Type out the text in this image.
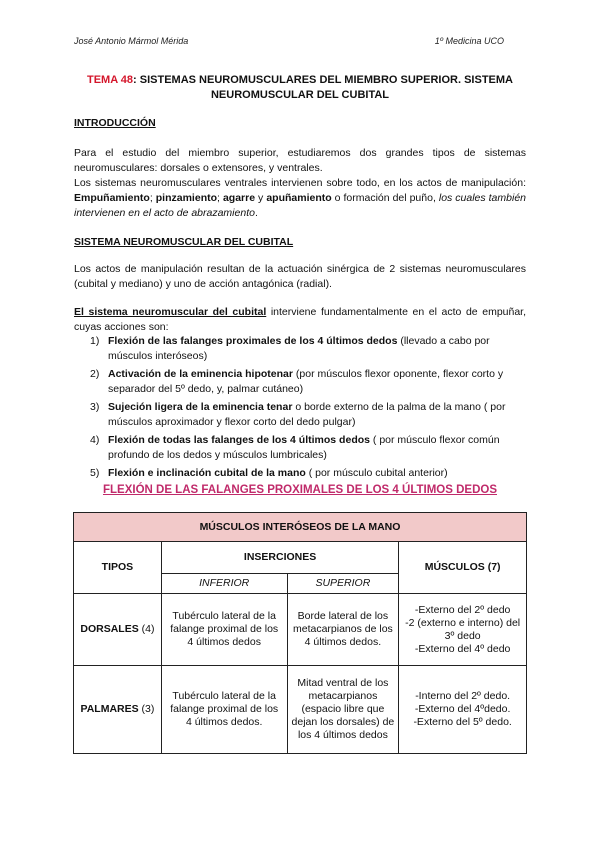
José Antonio Mármol Mérida	1º Medicina UCO
TEMA 48: SISTEMAS NEUROMUSCULARES DEL MIEMBRO SUPERIOR. SISTEMA
NEUROMUSCULAR DEL CUBITAL
INTRODUCCIÓN
Para el estudio del miembro superior, estudiaremos dos grandes tipos de sistemas neuromusculares: dorsales o extensores, y ventrales.
Los sistemas neuromusculares ventrales intervienen sobre todo, en los actos de manipulación: Empuñamiento; pinzamiento; agarre y apuñamiento o formación del puño, los cuales también intervienen en el acto de abrazamiento.
SISTEMA NEUROMUSCULAR DEL CUBITAL
Los actos de manipulación resultan de la actuación sinérgica de 2 sistemas neuromusculares (cubital y mediano) y uno de acción antagónica (radial).
El sistema neuromuscular del cubital interviene fundamentalmente en el acto de empuñar, cuyas acciones son:
1) Flexión de las falanges proximales de los 4 últimos dedos (llevado a cabo por músculos interóseos)
2) Activación de la eminencia hipotenar (por músculos flexor oponente, flexor corto y separador del 5º dedo, y, palmar cutáneo)
3) Sujeción ligera de la eminencia tenar o borde externo de la palma de la mano ( por músculos aproximador y flexor corto del dedo pulgar)
4) Flexión de todas las falanges de los 4 últimos dedos ( por músculo flexor común profundo de los dedos y músculos lumbricales)
5) Flexión e inclinación cubital de la mano ( por músculo cubital anterior)
FLEXIÓN DE LAS FALANGES PROXIMALES DE LOS 4 ÚLTIMOS DEDOS
MÚSCULOS INTERÓSEOS DE LA MANO			
TIPOS	INSERCIONES		MÚSCULOS (7)
	INFERIOR	SUPERIOR	
DORSALES (4)	Tubérculo lateral de la falange proximal de los 4 últimos dedos	Borde lateral de los metacarpianos de los 4 últimos dedos.	-Externo del 2º dedo
-2 (externo e interno) del 3º dedo
-Externo del 4º dedo

PALMARES (3)	Tubérculo lateral de la falange proximal de los 4 últimos dedos.	Mitad ventral de los metacarpianos (espacio libre que dejan los dorsales) de los 4 últimos dedos	-Interno del 2º dedo.
-Externo del 4ºdedo.
-Externo del 5º dedo.
